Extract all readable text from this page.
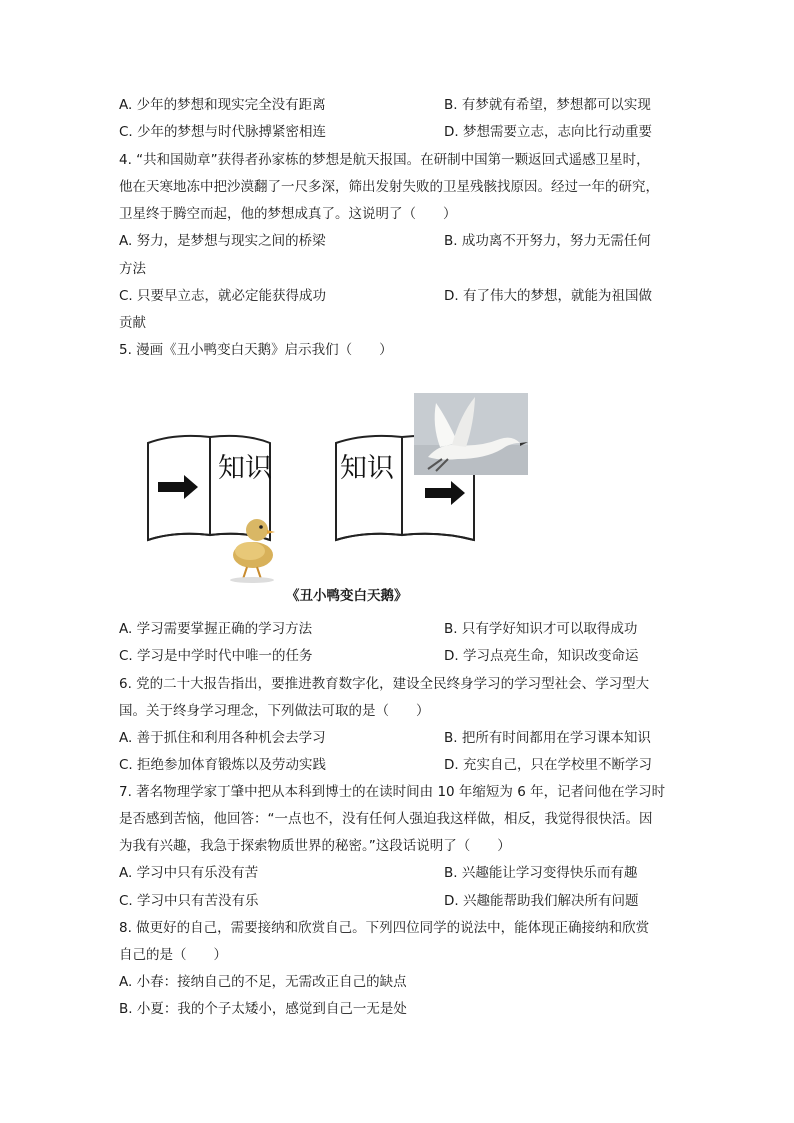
A. 少年的梦想和现实完全没有距离	B. 有梦就有希望，梦想都可以实现
C. 少年的梦想与时代脉搏紧密相连	D. 梦想需要立志，志向比行动重要
4. “共和国勋章”获得者孙家栋的梦想是航天报国。在研制中国第一颗返回式遥感卫星时，
他在天寒地冻中把沙漠翻了一尺多深，筛出发射失败的卫星残骸找原因。经过一年的研究，
卫星终于腾空而起，他的梦想成真了。这说明了（　　）
A. 努力，是梦想与现实之间的桥梁	B. 成功离不开努力，努力无需任何
方法
C. 只要早立志，就必定能获得成功	D. 有了伟大的梦想，就能为祖国做
贡献
5. 漫画《丑小鸭变白天鹅》启示我们（　　）
知识	知识
《丑小鸭变白天鹅》
A. 学习需要掌握正确的学习方法	B. 只有学好知识才可以取得成功
C. 学习是中学时代中唯一的任务	D. 学习点亮生命，知识改变命运
6. 党的二十大报告指出，要推进教育数字化，建设全民终身学习的学习型社会、学习型大
国。关于终身学习理念，下列做法可取的是（　　）
A. 善于抓住和利用各种机会去学习	B. 把所有时间都用在学习课本知识
C. 拒绝参加体育锻炼以及劳动实践	D. 充实自己，只在学校里不断学习
7. 著名物理学家丁肇中把从本科到博士的在读时间由 10 年缩短为 6 年，记者问他在学习时
是否感到苦恼，他回答：“一点也不，没有任何人强迫我这样做，相反，我觉得很快活。因
为我有兴趣，我急于探索物质世界的秘密。”这段话说明了（　　）
A. 学习中只有乐没有苦	B. 兴趣能让学习变得快乐而有趣
C. 学习中只有苦没有乐	D. 兴趣能帮助我们解决所有问题
8. 做更好的自己，需要接纳和欣赏自己。下列四位同学的说法中，能体现正确接纳和欣赏
自己的是（　　）
A. 小春：接纳自己的不足，无需改正自己的缺点
B. 小夏：我的个子太矮小，感觉到自己一无是处
